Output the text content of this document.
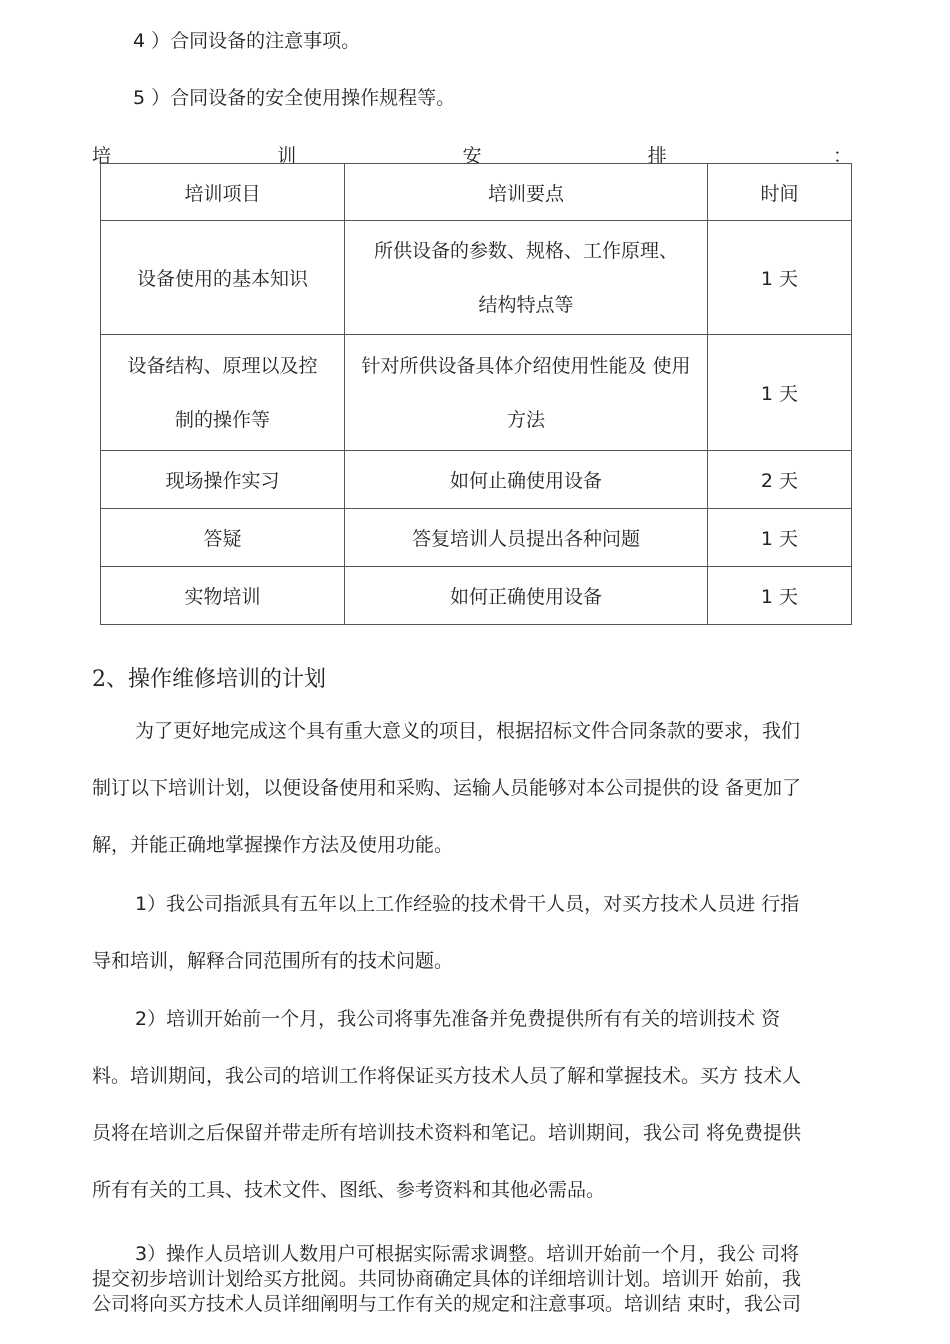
4 ）合同设备的注意事项。
5 ）合同设备的安全使用操作规程等。
培	训	安	排	：
培训项目	培训要点	时间

设备使用的基本知识	所供设备的参数、规格、工作原理、
结构特点等	1 天

设备结构、原理以及控
制的操作等	针对所供设备具体介绍使用性能及 使用
方法	1 天

现场操作实习	如何止确使用设备	2 天

答疑	答复培训人员提出各种问题	1 天

实物培训	如何正确使用设备	1 天
2、操作维修培训的计划
为了更好地完成这个具有重大意义的项目，根据招标文件合同条款的要求，我们
制订以下培训计划，以便设备使用和采购、运输人员能够对本公司提供的设 备更加了
解，并能正确地掌握操作方法及使用功能。
1）我公司指派具有五年以上工作经验的技术骨干人员，对买方技术人员进 行指
导和培训，解释合同范围所有的技术问题。
2）培训开始前一个月，我公司将事先准备并免费提供所有有关的培训技术 资
料。培训期间，我公司的培训工作将保证买方技术人员了解和掌握技术。买方 技术人
员将在培训之后保留并带走所有培训技术资料和笔记。培训期间，我公司 将免费提供
所有有关的工具、技术文件、图纸、参考资料和其他必需品。
3）操作人员培训人数用户可根据实际需求调整。培训开始前一个月，我公 司将
提交初步培训计划给买方批阅。共同协商确定具体的详细培训计划。培训开 始前，我
公司将向买方技术人员详细阐明与工作有关的规定和注意事项。培训结 束时，我公司
